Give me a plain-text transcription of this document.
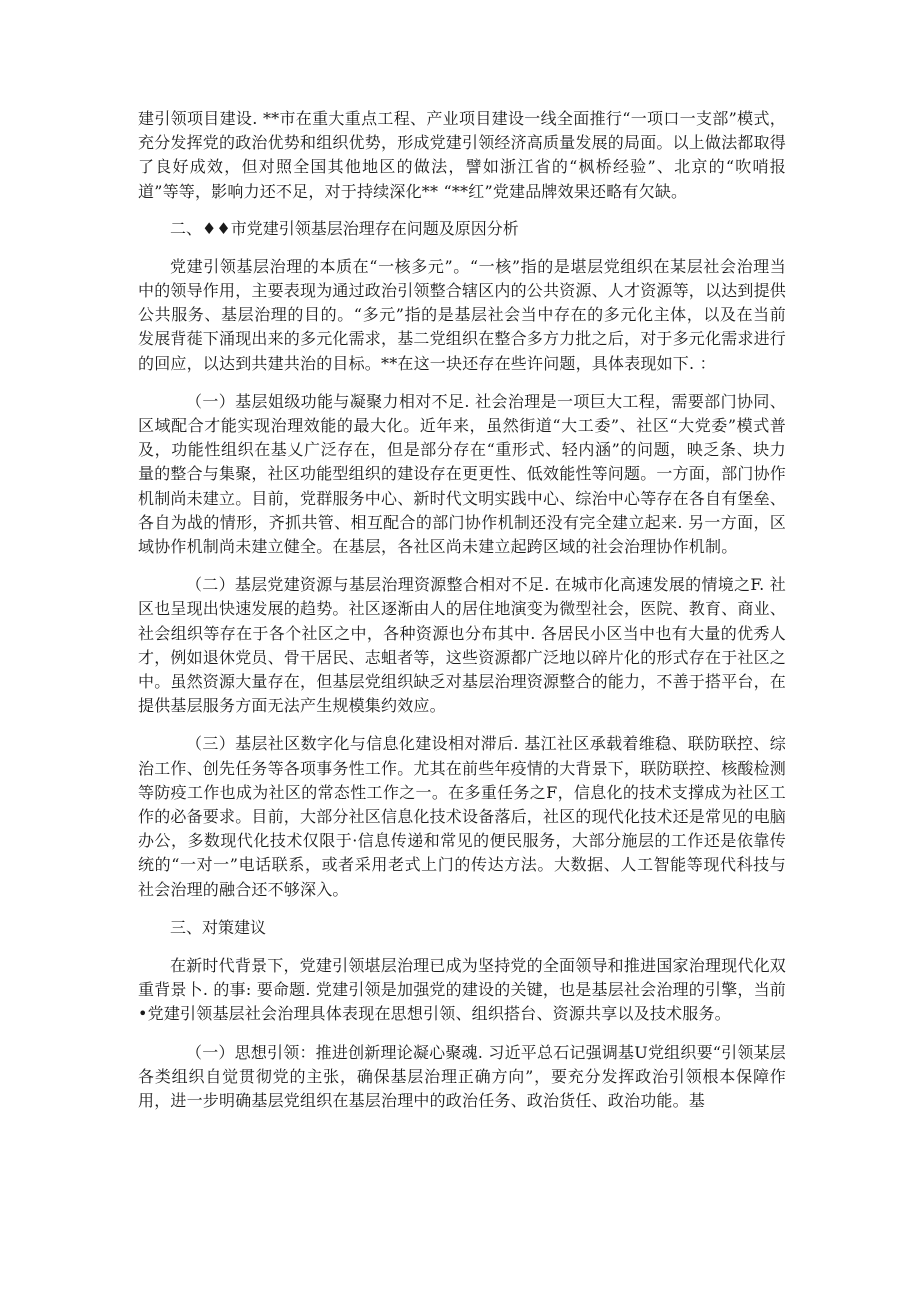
建引领项目建设. **市在重大重点工程、产业项目建设一线全面推行“一项口一支部”模式，充分发挥党的政治优势和组织优势，形成党建引领经济高质量发展的局面。以上做法都取得了良好成效，但对照全国其他地区的做法，譬如浙江省的“枫桥经验”、北京的“吹哨报道”等等，影响力还不足，对于持续深化** “**红”党建品牌效果还略有欠缺。

二、♦♦市党建引领基层治理存在问题及原因分析

党建引领基层治理的本质在“一核多元”。“一核”指的是堪层党组织在某层社会治理当中的领导作用，主要表现为通过政治引领整合辖区内的公共资源、人才资源等，以达到提供公共服务、基层治理的目的。“多元”指的是基层社会当中存在的多元化主体，以及在当前发展背蓰下涌现出来的多元化需求，基二党组织在整合多方力批之后，对于多元化需求进行的回应，以达到共建共治的目标。**在这一块还存在些许问题，具体表现如下. ：

（一）基层姐级功能与凝聚力相对不足. 社会治理是一项巨大工程，需要部门协同、区域配合才能实现治理效能的最大化。近年来，虽然街道“大工委”、社区“大党委”模式普及，功能性组织在基乂广泛存在，但是部分存在“重形式、轻内涵”的问题，映乏条、块力量的整合与集聚，社区功能型组织的建设存在更更性、低效能性等问题。一方面，部门协作机制尚未建立。目前，党群服务中心、新时代文明实践中心、综治中心等存在各自有堡垒、各自为战的情形，齐抓共管、相互配合的部门协作机制还没有完全建立起来. 另一方面，区域协作机制尚未建立健全。在基层，各社区尚未建立起跨区域的社会治理协作机制。

（二）基层党建资源与基层治理资源整合相对不足. 在城市化高速发展的情境之F. 社区也呈现出快速发展的趋势。社区逐渐由人的居住地演变为微型社会，医院、教育、商业、社会组织等存在于各个社区之中，各种资源也分布其中. 各居民小区当中也有大量的优秀人才，例如退休党员、骨干居民、志蛆者等，这些资源都广泛地以碎片化的形式存在于社区之中。虽然资源大量存在，但基层党组织缺乏对基层治理资源整合的能力，不善于搭平台，在提供基层服务方面无法产生规模集约效应。

（三）基层社区数字化与信息化建设相对滞后. 基江社区承载着维稳、联防联控、综治工作、创先任务等各项事务性工作。尤其在前些年疫情的大背景下，联防联控、核酸检测等防疫工作也成为社区的常态性工作之一。在多重任务之F，信息化的技术支撑成为社区工作的必备要求。目前，大部分社区信息化技术设备落后，社区的现代化技术还是常见的电脑办公，多数现代化技术仅限于·信息传递和常见的便民服务，大部分施层的工作还是依靠传统的“一对一”电话联系，或者采用老式上门的传达方法。大数据、人工智能等现代科技与社会治理的融合还不够深入。

三、对策建议

在新时代背景下，党建引领堪层治理已成为坚持党的全面领导和推进国家治理现代化双重背景卜. 的事: 要命题. 党建引领是加强党的建设的关键，也是基层社会治理的引擎，当前•党建引领基层社会治理具体表现在思想引领、组织搭台、资源共享以及技术服务。

（一）思想引领：推进创新理论凝心聚魂. 习近平总石记强调基U党组织要“引领某层各类组织自觉贯彻党的主张，确保基层治理正确方向”，要充分发挥政治引领根本保障作用，进一步明确基层党组织在基层治理中的政治任务、政治货任、政治功能。基
